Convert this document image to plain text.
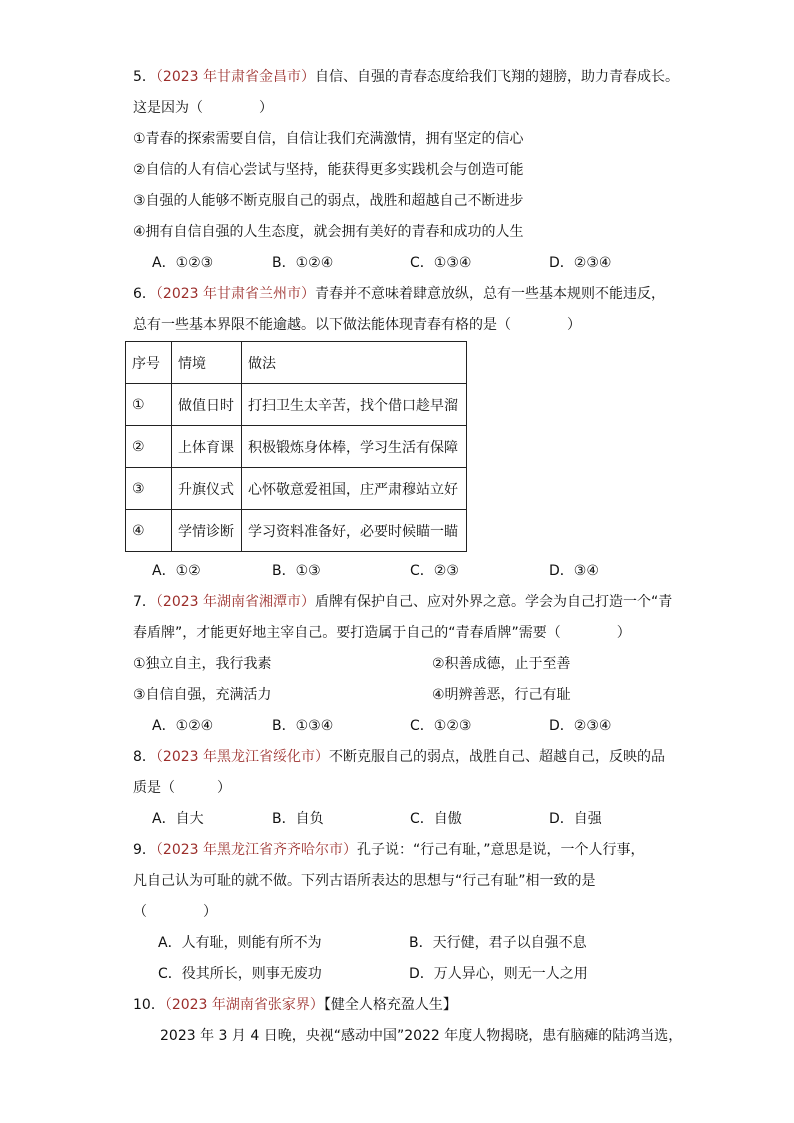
5．（2023 年甘肃省金昌市）自信、自强的青春态度给我们飞翔的翅膀，助力青春成长。
这是因为（　　　　）
①青春的探索需要自信，自信让我们充满激情，拥有坚定的信心
②自信的人有信心尝试与坚持，能获得更多实践机会与创造可能
③自强的人能够不断克服自己的弱点，战胜和超越自己不断进步
④拥有自信自强的人生态度，就会拥有美好的青春和成功的人生
A．①②③	B．①②④	C．①③④	D．②③④
6．（2023 年甘肃省兰州市）青春并不意味着肆意放纵，总有一些基本规则不能违反，
总有一些基本界限不能逾越。以下做法能体现青春有格的是（　　　　）
序号	情境	做法
①	做值日时	打扫卫生太辛苦，找个借口趁早溜
②	上体育课	积极锻炼身体棒，学习生活有保障
③	升旗仪式	心怀敬意爱祖国，庄严肃穆站立好
④	学情诊断	学习资料准备好，必要时候瞄一瞄
A．①②	B．①③	C．②③	D．③④
7．（2023 年湖南省湘潭市）盾牌有保护自己、应对外界之意。学会为自己打造一个“青
春盾牌”，才能更好地主宰自己。要打造属于自己的“青春盾牌”需要（　　　　）
①独立自主，我行我素	②积善成德，止于至善
③自信自强，充满活力	④明辨善恶，行己有耻
A．①②④	B．①③④	C．①②③	D．②③④
8．（2023 年黑龙江省绥化市）不断克服自己的弱点，战胜自己、超越自己，反映的品
质是（　　　）
A．自大	B．自负	C．自傲	D．自强
9．（2023 年黑龙江省齐齐哈尔市）孔子说：“行己有耻，”意思是说，一个人行事，
凡自己认为可耻的就不做。下列古语所表达的思想与“行己有耻”相一致的是
（　　　　）
A．人有耻，则能有所不为	B．天行健，君子以自强不息
C．役其所长，则事无废功	D．万人异心，则无一人之用
10．（2023 年湖南省张家界）【健全人格充盈人生】
2023 年 3 月 4 日晚，央视“感动中国”2022 年度人物揭晓，患有脑瘫的陆鸿当选，
